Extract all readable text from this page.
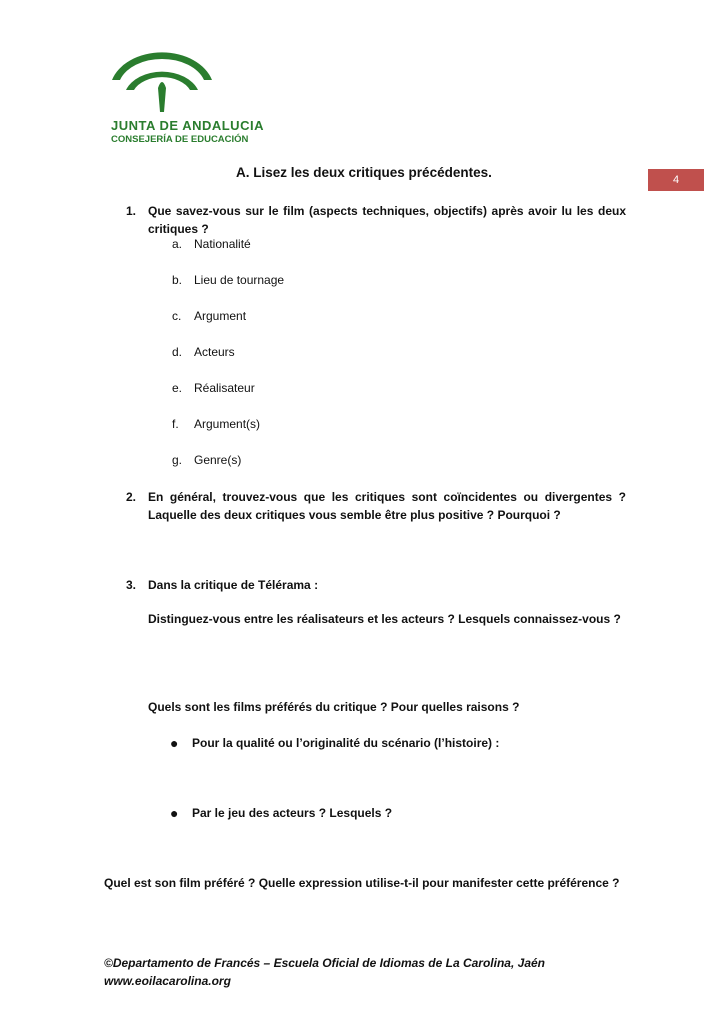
JUNTA DE ANDALUCIA
CONSEJERÍA DE EDUCACIÓN
4
A. Lisez les deux critiques précédentes.
1. Que savez-vous sur le film (aspects techniques, objectifs) après avoir lu les deux critiques ?
a. Nationalité
b. Lieu de tournage
c. Argument
d. Acteurs
e. Réalisateur
f. Argument(s)
g. Genre(s)
2. En général, trouvez-vous que les critiques sont coïncidentes ou divergentes ? Laquelle des deux critiques vous semble être plus positive ? Pourquoi ?
3. Dans la critique de Télérama :
Distinguez-vous entre les réalisateurs et les acteurs ? Lesquels connaissez-vous ?
Quels sont les films préférés du critique ? Pour quelles raisons ?
● Pour la qualité ou l’originalité du scénario (l’histoire) :
● Par le jeu des acteurs ? Lesquels ?
Quel est son film préféré ? Quelle expression utilise-t-il pour manifester cette préférence ?
©Departamento de Francés – Escuela Oficial de Idiomas de La Carolina, Jaén
www.eoilacarolina.org
